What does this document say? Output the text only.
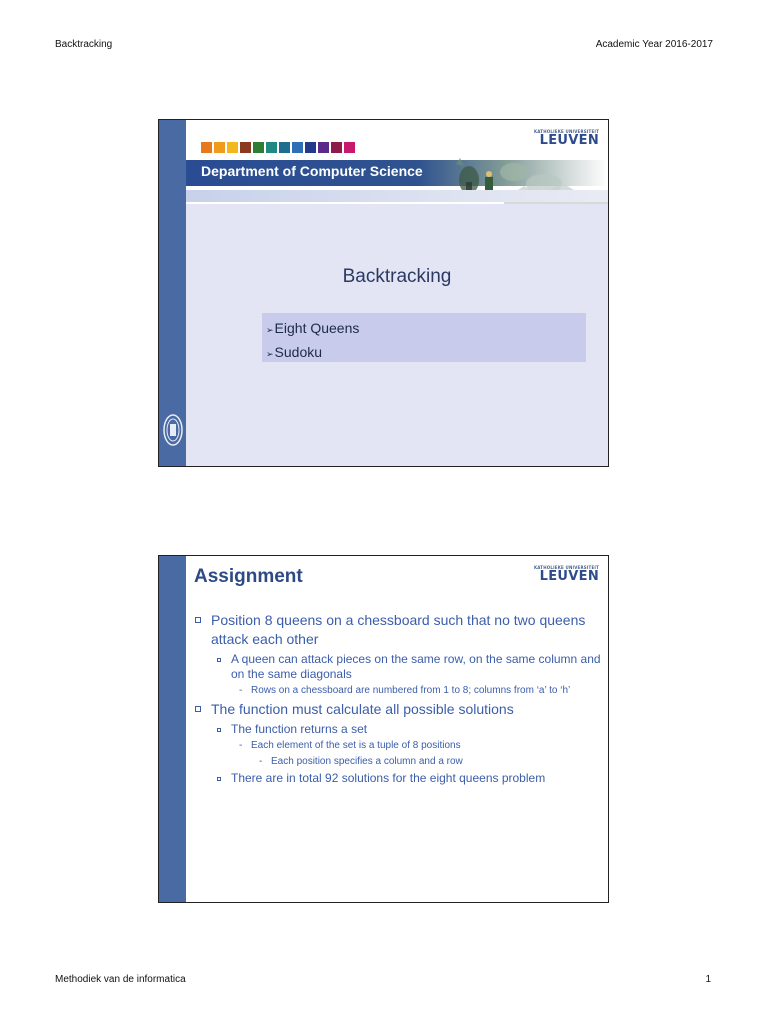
Backtracking	Academic Year 2016-2017
KATHOLIEKE UNIVERSITEIT
LEUVEN
Department of Computer Science
Backtracking
➢Eight Queens
➢Sudoku
Assignment	KATHOLIEKE UNIVERSITEIT
LEUVEN
Position 8 queens on a chessboard such that no two queens attack each other
A queen can attack pieces on the same row, on the same column and on the same diagonals
- Rows on a chessboard are numbered from 1 to 8; columns from ‘a’ to ‘h’
The function must calculate all possible solutions
The function returns a set
- Each element of the set is a tuple of 8 positions
- Each position specifies a column and a row
There are in total 92 solutions for the eight queens problem
Methodiek van de informatica	1
